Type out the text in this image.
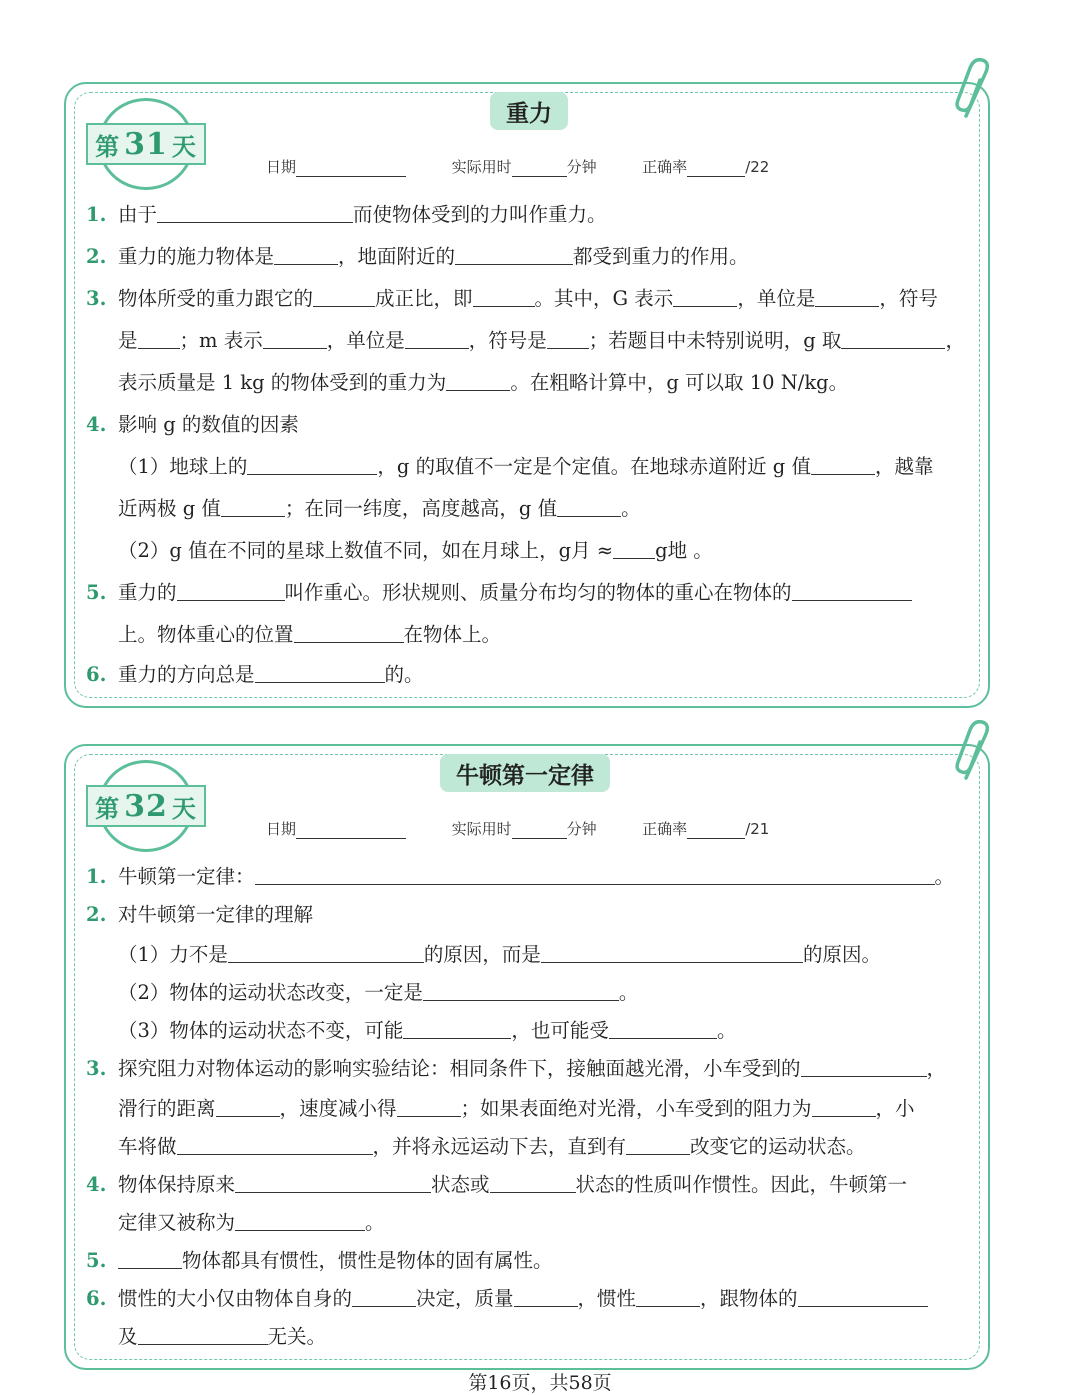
第 31 天
重力
日期	实际用时	分钟	正确率	/22
1. 由于	而使物体受到的力叫作重力。
2. 重力的施力物体是	，地面附近的	都受到重力的作用。
3. 物体所受的重力跟它的	成正比，即	。其中，G 表示	，单位是	，符号
是 ；m 表示	，单位是	，符号是 ；若题目中未特别说明，g 取	，
表示质量是 1 kg 的物体受到的重力为	。在粗略计算中，g 可以取 10 N/kg。
4. 影响 g 的数值的因素
（1）地球上的	，g 的取值不一定是个定值。在地球赤道附近 g 值	，越靠
近两极 g 值	；在同一纬度，高度越高，g 值	。
（2）g 值在不同的星球上数值不同，如在月球上，g月 ≈ g地 。
5. 重力的	叫作重心。形状规则、质量分布均匀的物体的重心在物体的
上。物体重心的位置	在物体上。
6. 重力的方向总是	的。
第 32 天
牛顿第一定律
日期	实际用时	分钟	正确率	/21
1. 牛顿第一定律：	。
2. 对牛顿第一定律的理解
（1）力不是	的原因，而是	的原因。
（2）物体的运动状态改变，一定是	。
（3）物体的运动状态不变，可能	，也可能受	。
3. 探究阻力对物体运动的影响实验结论：相同条件下，接触面越光滑，小车受到的	，
滑行的距离	，速度减小得	；如果表面绝对光滑，小车受到的阻力为	，小
车将做	，并将永远运动下去，直到有	改变它的运动状态。
4. 物体保持原来	状态或	状态的性质叫作惯性。因此，牛顿第一
定律又被称为	。
5.	物体都具有惯性，惯性是物体的固有属性。
6. 惯性的大小仅由物体自身的	决定，质量	，惯性	，跟物体的
及	无关。
第16页，共58页
